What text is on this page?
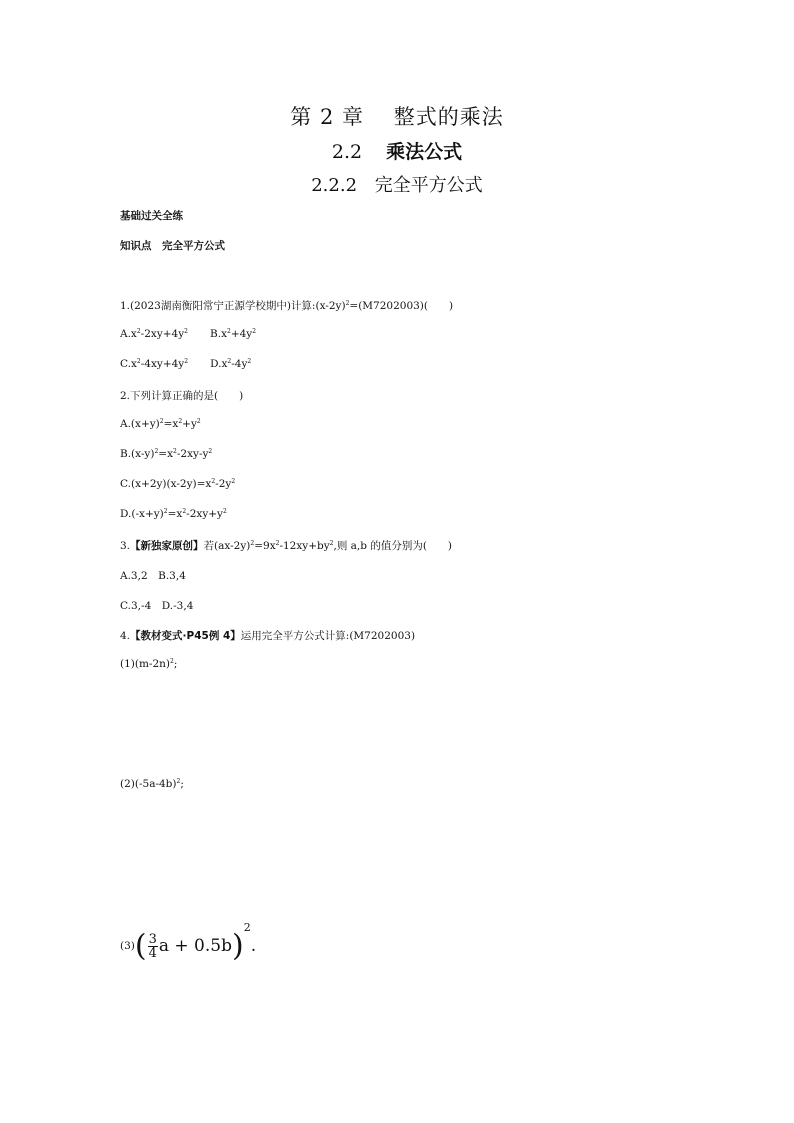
第 2 章 整式的乘法
2.2 乘法公式
2.2.2 完全平方公式
基础过关全练
知识点　完全平方公式
1.(2023湖南衡阳常宁正源学校期中)计算$:(x-2y)^2=(M7202003)$(　　)
$A.x^2-2xy+4y^2$ $B.x^2+4y^2$
$C.x^2-4xy+4y^2$ $D.x^2-4y^2$
2.下列计算正确的是(　　)
$A.(x+y)^2=x^2+y^2$
$B.(x-y)^2=x^2-2xy-y^2$
$C.(x+2y)(x-2y)=x^2-2y^2$
$D.(-x+y)^2=x^2-2xy+y^2$
3.【新独家原创】若$(ax-2y)^2=9x^2-12xy+by^2$,则 a,b 的值分别为(　　)
A.3,2　B.3,4
C.3,-4　D.-3,4
4.【教材变式·P45例 4】运用完全平方公式计算:(M7202003)
$(1)(m-2n)^2$;
$(2)(-5a-4b)^2$;
$(3)( \frac{3}{4}$ $a + 0.5b)^2$.
